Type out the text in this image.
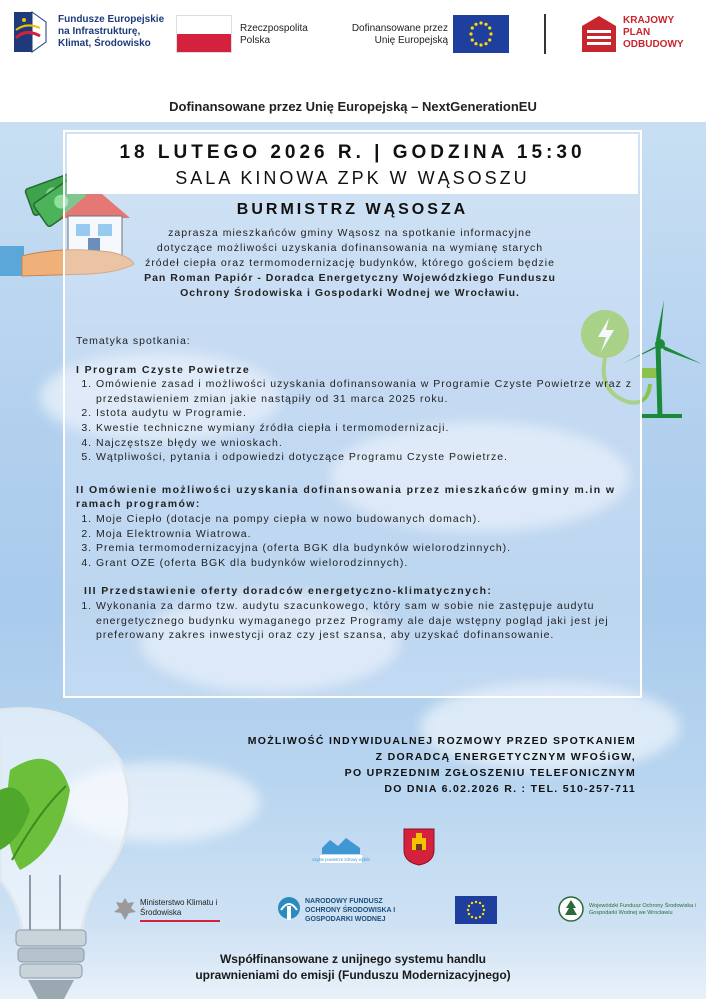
Fundusze Europejskie na Infrastrukturę, Klimat, Środowisko
Rzeczpospolita Polska
Dofinansowane przez Unię Europejską
KRAJOWY
PLAN
ODBUDOWY
Dofinansowane przez Unię Europejską – NextGenerationEU
18 LUTEGO 2026 R. | GODZINA 15:30
SALA KINOWA ZPK W WĄSOSZU
BURMISTRZ WĄSOSZA
zaprasza mieszkańców gminy Wąsosz na spotkanie informacyjne dotyczące możliwości uzyskania dofinansowania na wymianę starych źródeł ciepła oraz termomodernizację budynków, którego gościem będzie
Pan Roman Papiór - Doradca Energetyczny Wojewódzkiego Funduszu Ochrony Środowiska i Gospodarki Wodnej we Wrocławiu.
Tematyka spotkania:
I Program Czyste Powietrze
1. Omówienie zasad i możliwości uzyskania dofinansowania w Programie Czyste Powietrze wraz z przedstawieniem zmian jakie nastąpiły od 31 marca 2025 roku.
2. Istota audytu w Programie.
3. Kwestie techniczne wymiany źródła ciepła i termomodernizacji.
4. Najczęstsze błędy we wnioskach.
5. Wątpliwości, pytania i odpowiedzi dotyczące Programu Czyste Powietrze.
II Omówienie możliwości uzyskania dofinansowania przez mieszkańców gminy m.in w ramach programów:
1. Moje Ciepło (dotacje na pompy ciepła w nowo budowanych domach).
2. Moja Elektrownia Wiatrowa.
3. Premia termomodernizacyjna (oferta BGK dla budynków wielorodzinnych).
4. Grant OZE (oferta BGK dla budynków wielorodzinnych).
III Przedstawienie oferty doradców energetyczno-klimatycznych:
1. Wykonania za darmo tzw. audytu szacunkowego, który sam w sobie nie zastępuje audytu energetycznego budynku wymaganego przez Programy ale daje wstępny pogląd jaki jest jej preferowany zakres inwestycji oraz czy jest szansa, aby uzyskać dofinansowanie.
MOŻLIWOŚĆ INDYWIDUALNEJ ROZMOWY PRZED SPOTKANIEM
Z DORADCĄ ENERGETYCZNYM WFOŚiGW,
PO UPRZEDNIM ZGŁOSZENIU TELEFONICZNYM
DO DNIA 6.02.2026 R. : TEL. 510-257-711
czyste powietrze zdrowy wybór
Ministerstwo Klimatu i Środowiska
NARODOWY FUNDUSZ OCHRONY ŚRODOWISKA I GOSPODARKI WODNEJ
Wojewódzki Fundusz Ochrony Środowiska i Gospodarki Wodnej we Wrocławiu
Współfinansowane z unijnego systemu handlu
uprawnieniami do emisji (Funduszu Modernizacyjnego)
